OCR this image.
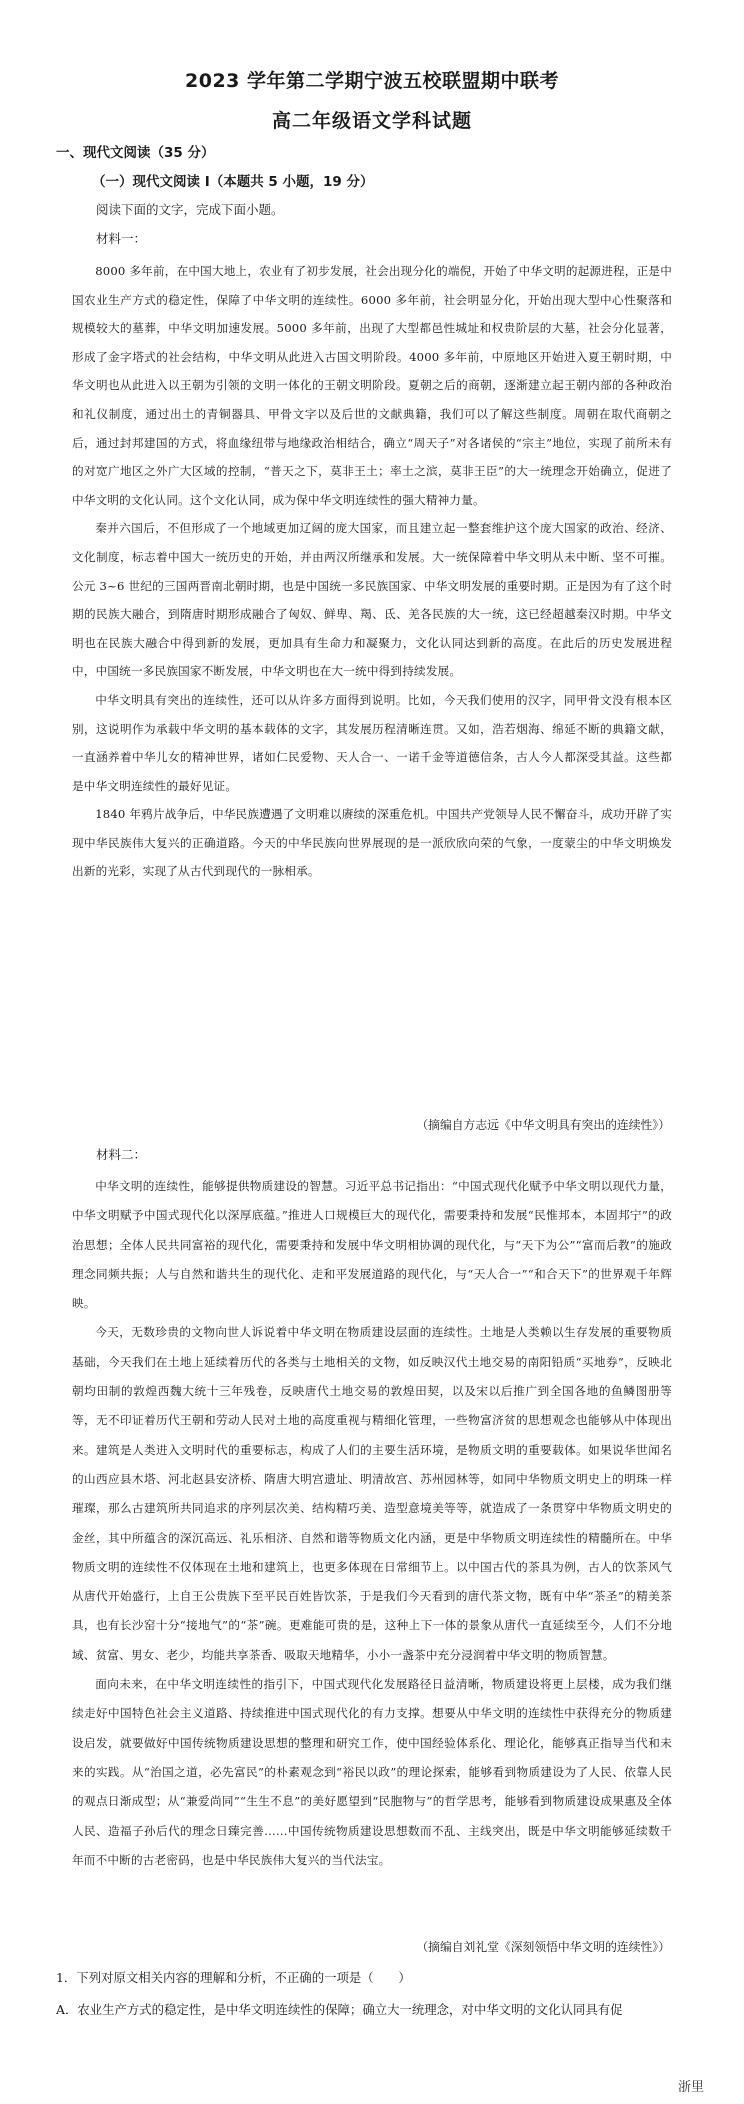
2023 学年第二学期宁波五校联盟期中联考
高二年级语文学科试题
一、现代文阅读（35 分）
（一）现代文阅读 I（本题共 5 小题，19 分）
阅读下面的文字，完成下面小题。
材料一：

8000 多年前，在中国大地上，农业有了初步发展，社会出现分化的端倪，开始了中华文明的起源进程，正是中国农业生产方式的稳定性，保障了中华文明的连续性。6000 多年前，社会明显分化，开始出现大型中心性聚落和规模较大的墓葬，中华文明加速发展。5000 多年前，出现了大型都邑性城址和权贵阶层的大墓，社会分化显著，形成了金字塔式的社会结构，中华文明从此进入古国文明阶段。4000 多年前，中原地区开始进入夏王朝时期，中华文明也从此进入以王朝为引领的文明一体化的王朝文明阶段。夏朝之后的商朝，逐渐建立起王朝内部的各种政治和礼仪制度，通过出土的青铜器具、甲骨文字以及后世的文献典籍，我们可以了解这些制度。周朝在取代商朝之后，通过封邦建国的方式，将血缘纽带与地缘政治相结合，确立“周天子”对各诸侯的“宗主”地位，实现了前所未有的对宽广地区之外广大区域的控制，“普天之下，莫非王土；率土之滨，莫非王臣”的大一统理念开始确立，促进了中华文明的文化认同。这个文化认同，成为保中华文明连续性的强大精神力量。

秦并六国后，不但形成了一个地域更加辽阔的庞大国家，而且建立起一整套维护这个庞大国家的政治、经济、文化制度，标志着中国大一统历史的开始，并由两汉所继承和发展。大一统保障着中华文明从未中断、坚不可摧。公元 3~6 世纪的三国两晋南北朝时期，也是中国统一多民族国家、中华文明发展的重要时期。正是因为有了这个时期的民族大融合，到隋唐时期形成融合了匈奴、鲜卑、羯、氐、羌各民族的大一统，这已经超越秦汉时期。中华文明也在民族大融合中得到新的发展，更加具有生命力和凝聚力，文化认同达到新的高度。在此后的历史发展进程中，中国统一多民族国家不断发展，中华文明也在大一统中得到持续发展。

中华文明具有突出的连续性，还可以从许多方面得到说明。比如，今天我们使用的汉字，同甲骨文没有根本区别，这说明作为承载中华文明的基本载体的文字，其发展历程清晰连贯。又如，浩若烟海、绵延不断的典籍文献，一直涵养着中华儿女的精神世界，诸如仁民爱物、天人合一、一诺千金等道德信条，古人今人都深受其益。这些都是中华文明连续性的最好见证。

1840 年鸦片战争后，中华民族遭遇了文明难以赓续的深重危机。中国共产党领导人民不懈奋斗，成功开辟了实现中华民族伟大复兴的正确道路。今天的中华民族向世界展现的是一派欣欣向荣的气象，一度蒙尘的中华文明焕发出新的光彩，实现了从古代到现代的一脉相承。

（摘编自方志远《中华文明具有突出的连续性》）
材料二：

中华文明的连续性，能够提供物质建设的智慧。习近平总书记指出：“中国式现代化赋予中华文明以现代力量，中华文明赋予中国式现代化以深厚底蕴。”推进人口规模巨大的现代化，需要秉持和发展“民惟邦本，本固邦宁”的政治思想；全体人民共同富裕的现代化，需要秉持和发展中华文明相协调的现代化，与“天下为公”“富而后教”的施政理念同频共振；人与自然和谐共生的现代化、走和平发展道路的现代化，与“天人合一”“和合天下”的世界观千年辉映。

今天，无数珍贵的文物向世人诉说着中华文明在物质建设层面的连续性。土地是人类赖以生存发展的重要物质基础，今天我们在土地上延续着历代的各类与土地相关的文物，如反映汉代土地交易的南阳铅质“买地券”，反映北朝均田制的敦煌西魏大统十三年残卷，反映唐代土地交易的敦煌田契，以及宋以后推广到全国各地的鱼鳞图册等等，无不印证着历代王朝和劳动人民对土地的高度重视与精细化管理，一些物富济贫的思想观念也能够从中体现出来。建筑是人类进入文明时代的重要标志，构成了人们的主要生活环境，是物质文明的重要载体。如果说华世闻名的山西应县木塔、河北赵县安济桥、隋唐大明宫遗址、明清故宫、苏州园林等，如同中华物质文明史上的明珠一样璀璨，那么古建筑所共同追求的序列层次美、结构精巧美、造型意境美等等，就造成了一条贯穿中华物质文明史的金丝，其中所蕴含的深沉高远、礼乐相济、自然和谐等物质文化内涵，更是中华物质文明连续性的精髓所在。中华物质文明的连续性不仅体现在土地和建筑上，也更多体现在日常细节上。以中国古代的茶具为例，古人的饮茶风气从唐代开始盛行，上自王公贵族下至平民百姓皆饮茶，于是我们今天看到的唐代茶文物，既有中华“茶圣”的精美茶具，也有长沙窑十分“接地气”的“茶”碗。更难能可贵的是，这种上下一体的景象从唐代一直延续至今，人们不分地域、贫富、男女、老少，均能共享茶香、吸取天地精华，小小一盏茶中充分浸润着中华文明的物质智慧。

面向未来，在中华文明连续性的指引下，中国式现代化发展路径日益清晰，物质建设将更上层楼，成为我们继续走好中国特色社会主义道路、持续推进中国式现代化的有力支撑。想要从中华文明的连续性中获得充分的物质建设启发，就要做好中国传统物质建设思想的整理和研究工作，使中国经验体系化、理论化，能够真正指导当代和未来的实践。从“治国之道，必先富民”的朴素观念到“裕民以政”的理论探索，能够看到物质建设为了人民、依靠人民的观点日渐成型；从“兼爱尚同”“生生不息”的美好愿望到“民胞物与”的哲学思考，能够看到物质建设成果惠及全体人民、造福子孙后代的理念日臻完善……中国传统物质建设思想数而不乱、主线突出，既是中华文明能够延续数千年而不中断的古老密码，也是中华民族伟大复兴的当代法宝。

（摘编自刘礼堂《深刻领悟中华文明的连续性》）
1．下列对原文相关内容的理解和分析，不正确的一项是（　　）
A．农业生产方式的稳定性，是中华文明连续性的保障；确立大一统理念，对中华文明的文化认同具有促
浙里
